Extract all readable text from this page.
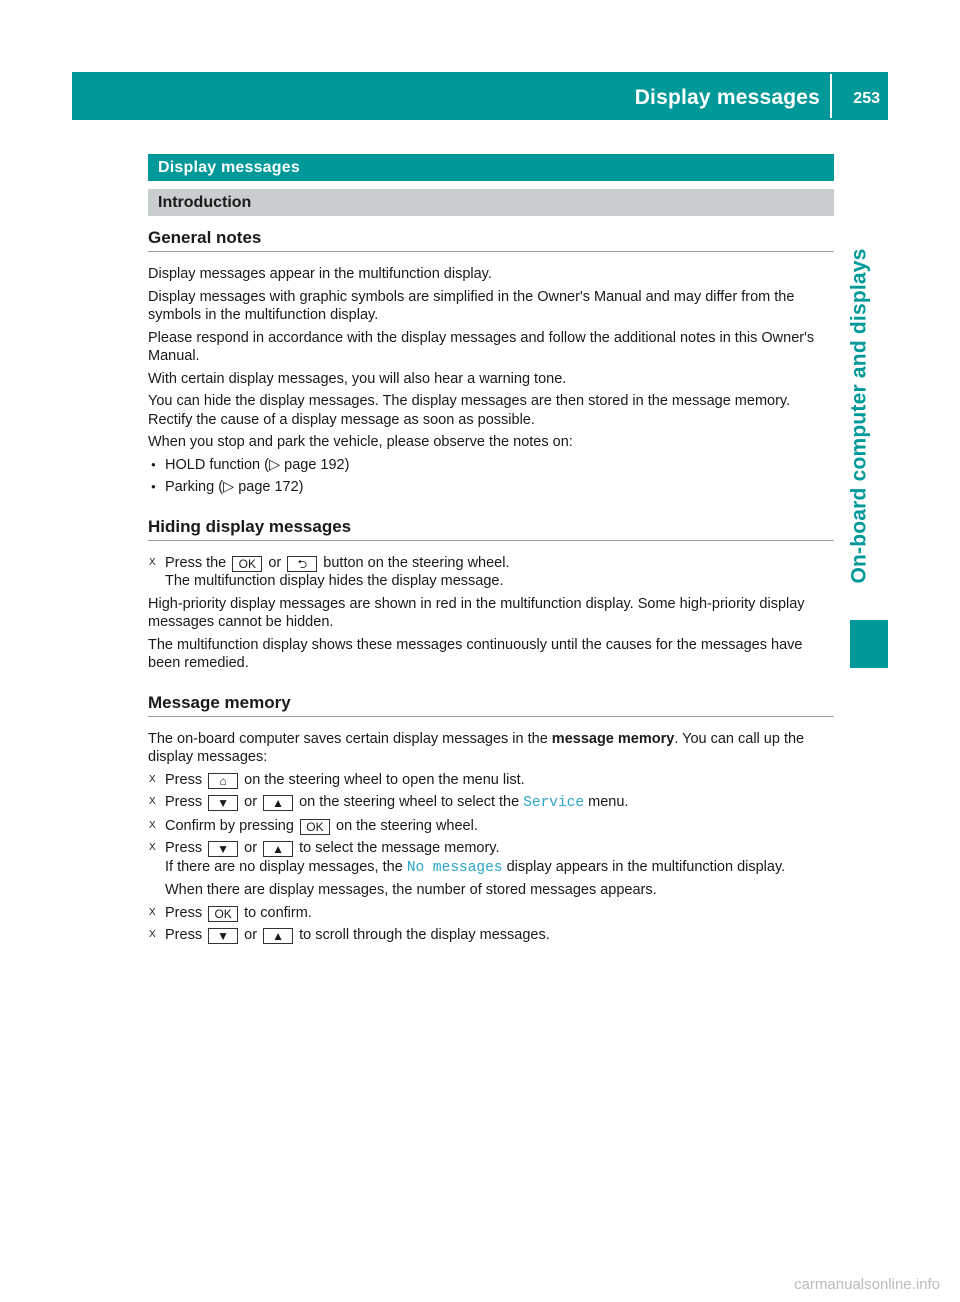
Display messages 253
On-board computer and displays
Display messages
Introduction
General notes

Display messages appear in the multifunction display.

Display messages with graphic symbols are simplified in the Owner's Manual and may differ from the symbols in the multifunction display.

Please respond in accordance with the display messages and follow the additional notes in this Owner's Manual.

With certain display messages, you will also hear a warning tone.

You can hide the display messages. The display messages are then stored in the message memory. Rectify the cause of a display message as soon as possible.

When you stop and park the vehicle, please observe the notes on:

● HOLD function (▷ page 192)
● Parking (▷ page 172)
Hiding display messages
X Press the OK or ⮌ button on the steering wheel.
The multifunction display hides the display message.

High-priority display messages are shown in red in the multifunction display. Some high-priority display messages cannot be hidden.

The multifunction display shows these messages continuously until the causes for the messages have been remedied.

Message memory

The on-board computer saves certain display messages in the message memory. You can call up the display messages:

X Press ⌂ on the steering wheel to open the menu list.
X Press ▼ or ▲ on the steering wheel to select the Service menu.
X Confirm by pressing OK on the steering wheel.
X Press ▼ or ▲ to select the message memory.
If there are no display messages, the No messages display appears in the multifunction display.
When there are display messages, the number of stored messages appears.
X Press OK to confirm.
X Press ▼ or ▲ to scroll through the display messages.
carmanualsonline.info
